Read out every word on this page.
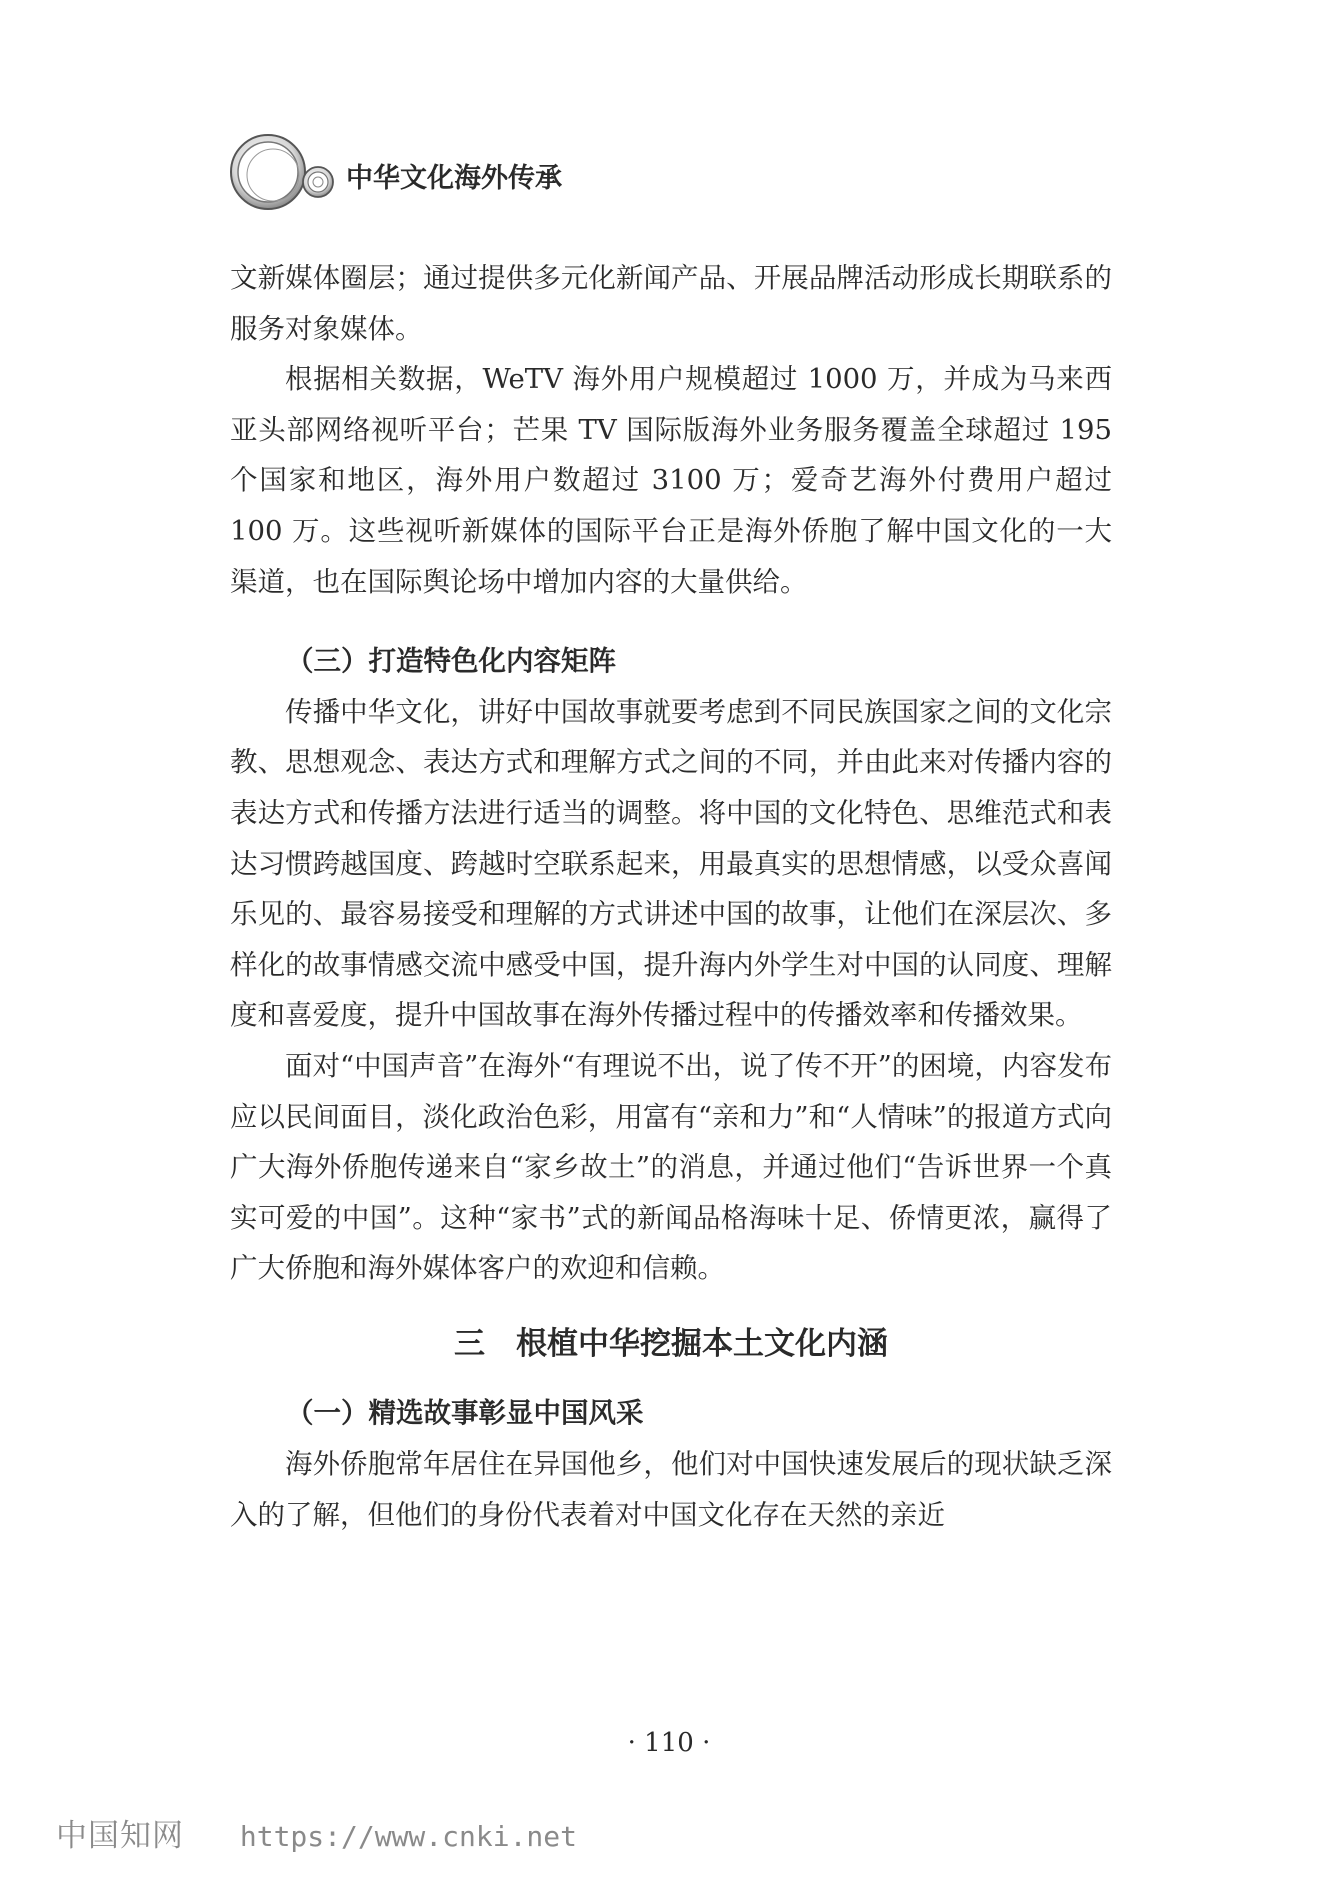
中华文化海外传承

文新媒体圈层；通过提供多元化新闻产品、开展品牌活动形成长期联系的服务对象媒体。

根据相关数据，WeTV 海外用户规模超过 1000 万，并成为马来西亚头部网络视听平台；芒果 TV 国际版海外业务服务覆盖全球超过 195 个国家和地区，海外用户数超过 3100 万；爱奇艺海外付费用户超过 100 万。这些视听新媒体的国际平台正是海外侨胞了解中国文化的一大渠道，也在国际舆论场中增加内容的大量供给。

（三）打造特色化内容矩阵

传播中华文化，讲好中国故事就要考虑到不同民族国家之间的文化宗教、思想观念、表达方式和理解方式之间的不同，并由此来对传播内容的表达方式和传播方法进行适当的调整。将中国的文化特色、思维范式和表达习惯跨越国度、跨越时空联系起来，用最真实的思想情感，以受众喜闻乐见的、最容易接受和理解的方式讲述中国的故事，让他们在深层次、多样化的故事情感交流中感受中国，提升海内外学生对中国的认同度、理解度和喜爱度，提升中国故事在海外传播过程中的传播效率和传播效果。

面对“中国声音”在海外“有理说不出，说了传不开”的困境，内容发布应以民间面目，淡化政治色彩，用富有“亲和力”和“人情味”的报道方式向广大海外侨胞传递来自“家乡故土”的消息，并通过他们“告诉世界一个真实可爱的中国”。这种“家书”式的新闻品格海味十足、侨情更浓，赢得了广大侨胞和海外媒体客户的欢迎和信赖。

三　根植中华挖掘本土文化内涵
（一）精选故事彰显中国风采

海外侨胞常年居住在异国他乡，他们对中国快速发展后的现状缺乏深入的了解，但他们的身份代表着对中国文化存在天然的亲近

· 110 ·
中国知网 https://www.cnki.net
